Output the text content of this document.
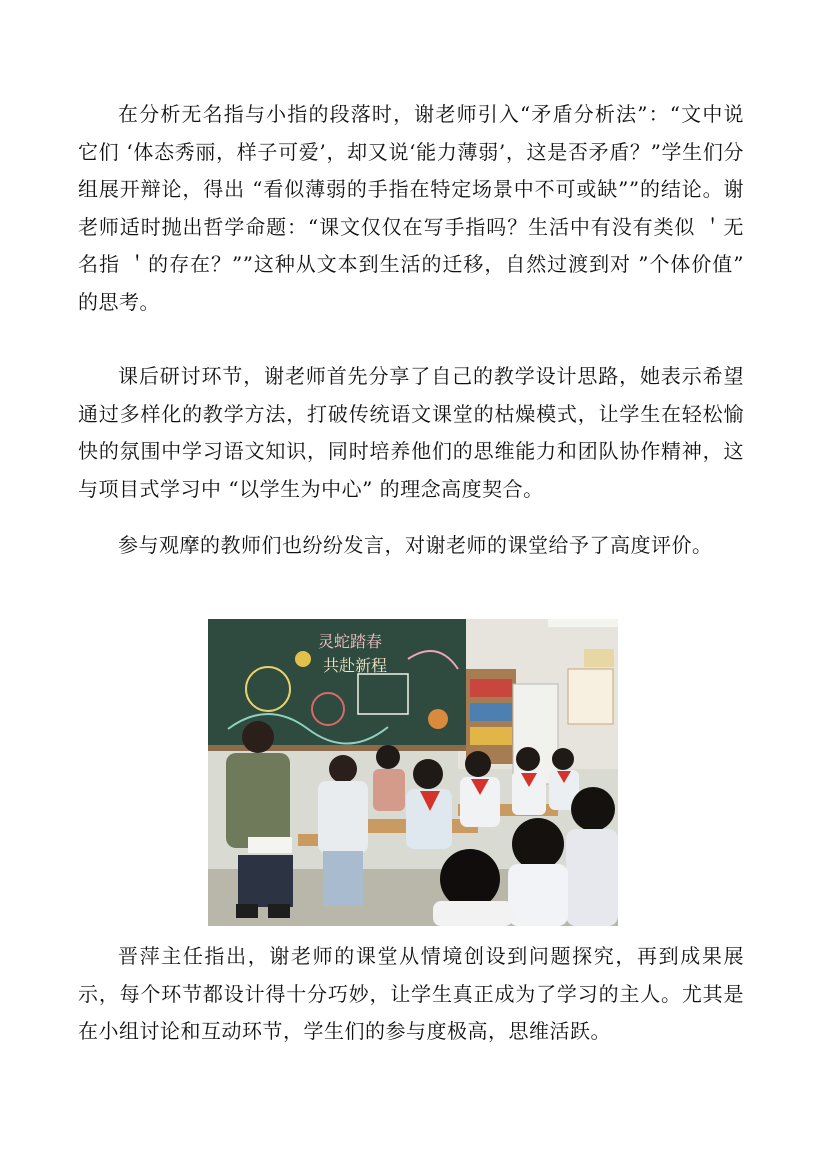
在分析无名指与小指的段落时，谢老师引入“矛盾分析法”：“文中说它们 ‘体态秀丽，样子可爱’，却又说‘能力薄弱’，这是否矛盾？”学生们分组展开辩论，得出 “看似薄弱的手指在特定场景中不可或缺””的结论。谢老师适时抛出哲学命题：“课文仅仅在写手指吗？生活中有没有类似 ＇无名指 ＇的存在？””这种从文本到生活的迁移，自然过渡到对 ”个体价值” 的思考。

课后研讨环节，谢老师首先分享了自己的教学设计思路，她表示希望通过多样化的教学方法，打破传统语文课堂的枯燥模式，让学生在轻松愉快的氛围中学习语文知识，同时培养他们的思维能力和团队协作精神，这与项目式学习中 “以学生为中心” 的理念高度契合。

参与观摩的教师们也纷纷发言，对谢老师的课堂给予了高度评价。

灵蛇踏春
共赴新程

晋萍主任指出，谢老师的课堂从情境创设到问题探究，再到成果展示，每个环节都设计得十分巧妙，让学生真正成为了学习的主人。尤其是在小组讨论和互动环节，学生们的参与度极高，思维活跃。
